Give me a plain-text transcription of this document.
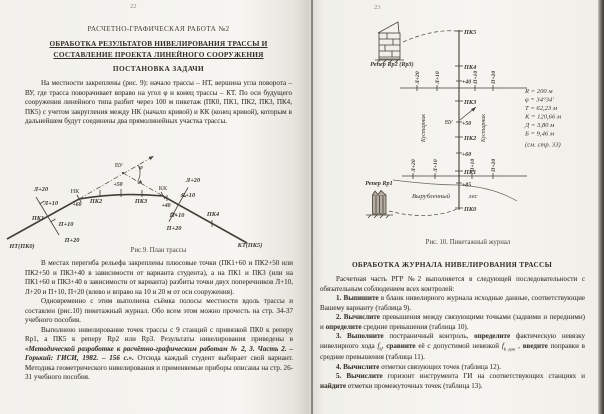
22
РАСЧЕТНО-ГРАФИЧЕСКАЯ РАБОТА №2
ОБРАБОТКА РЕЗУЛЬТАТОВ НИВЕЛИРОВАНИЯ ТРАССЫ И
СОСТАВЛЕНИЕ ПРОЕКТА ЛИНЕЙНОГО СООРУЖЕНИЯ
ПОСТАНОВКА ЗАДАЧИ

На местности закреплены (рис. 9): начало трассы – НТ, вершина угла поворота – ВУ, где трасса поворачивает вправо на угол φ и конец трассы – КТ. По оси будущего сооружения линейного типа разбит через 100 м пикетаж (ПК0, ПК1, ПК2, ПК3, ПК4, ПК5) с учетом закругления между НК (начало кривой) и КК (конец кривой), которым в дальнейшем будут соединены два прямолинейных участка трассы.

ВУ	φ
НК
+60 ПК2
+50
ПК3
КК
+40
ПК1
Л+20
Л+10
П+10
П+20
Л+20
Л+10
П+10
П+20
ПК4
НТ(ПК0)	КТ(ПК5)
Рис.9. План трассы

В местах перегиба рельефа закреплены плюсовые точки (ПК1+60 и ПК2+50 или ПК2+50 и ПК3+40 в зависимости от варианта студента), а на ПК1 и ПК3 (или на ПК1+60 и ПК3+40 в зависимости от варианта) разбиты точки двух поперечников Л+10, Л+20 и П+10, П+20 (влево и вправо на 10 и 20 м от оси сооружения).

Одновременно с этим выполнена съёмка полосы местности вдоль трассы и составлен (рис.10) пикетажный журнал. Обо всем этом можно прочесть на стр. 34-37 учебного пособия.

Выполнено нивелирование точек трассы с 9 станций с привязкой ПК0 к реперу Rp1, а ПК5 к реперу Rp2 или Rp3. Результаты нивелирования приведены в «Методической разработке к расчётно-графическим работам № 2, 3. Часть 2. – Горький: ГИСИ, 1982. – 156 с.». Отсюда каждый студент выбирает свой вариант. Методика геометрического нивелирования и применяемые приборы описаны на стр. 26-31 учебного пособия.

23
ПК5
ПК4
+40
ПК3
ВУ +50
ПК2
+60
ПК1
+85
ПК0
Л+20	Л+10	П+10 П+20
Л+20	Л+10	П+10	П+20
Кустарник	Кустарник
Репер Rp2 (Rp3)
Репер Rp1
Вырубленный	лес
R = 200 м
φ = 34°34′
Т = 62,23 м
К = 120,66 м
Д = 3,80 м
Б = 9,46 м
(см. стр. 33)
Рис. 10. Пикетажный журнал
ОБРАБОТКА ЖУРНАЛА НИВЕЛИРОВАНИЯ ТРАССЫ

Расчетная часть РГР №2 выполняется в следующей последовательности с обязательным соблюдением всех контролей:

1. Выпишите в бланк нивелирного журнала исходные данные, соответствующие Вашему варианту (таблица 9).

2. Вычислите превышения между связующими точками (задними и передними) и определите средние превышения (таблица 10).

3. Выполните постраничный контроль, определите фактическую невязку нивелирного хода $f_h$, сравните её с допустимой невязкой $f_{h доп}$ , введите поправки в средние превышения (таблица 11).

4. Вычислите отметки связующих точек (таблица 12).

5. Вычислите горизонт инструмента ГИ на соответствующих станциях и найдите отметки промежуточных точек (таблица 13).
